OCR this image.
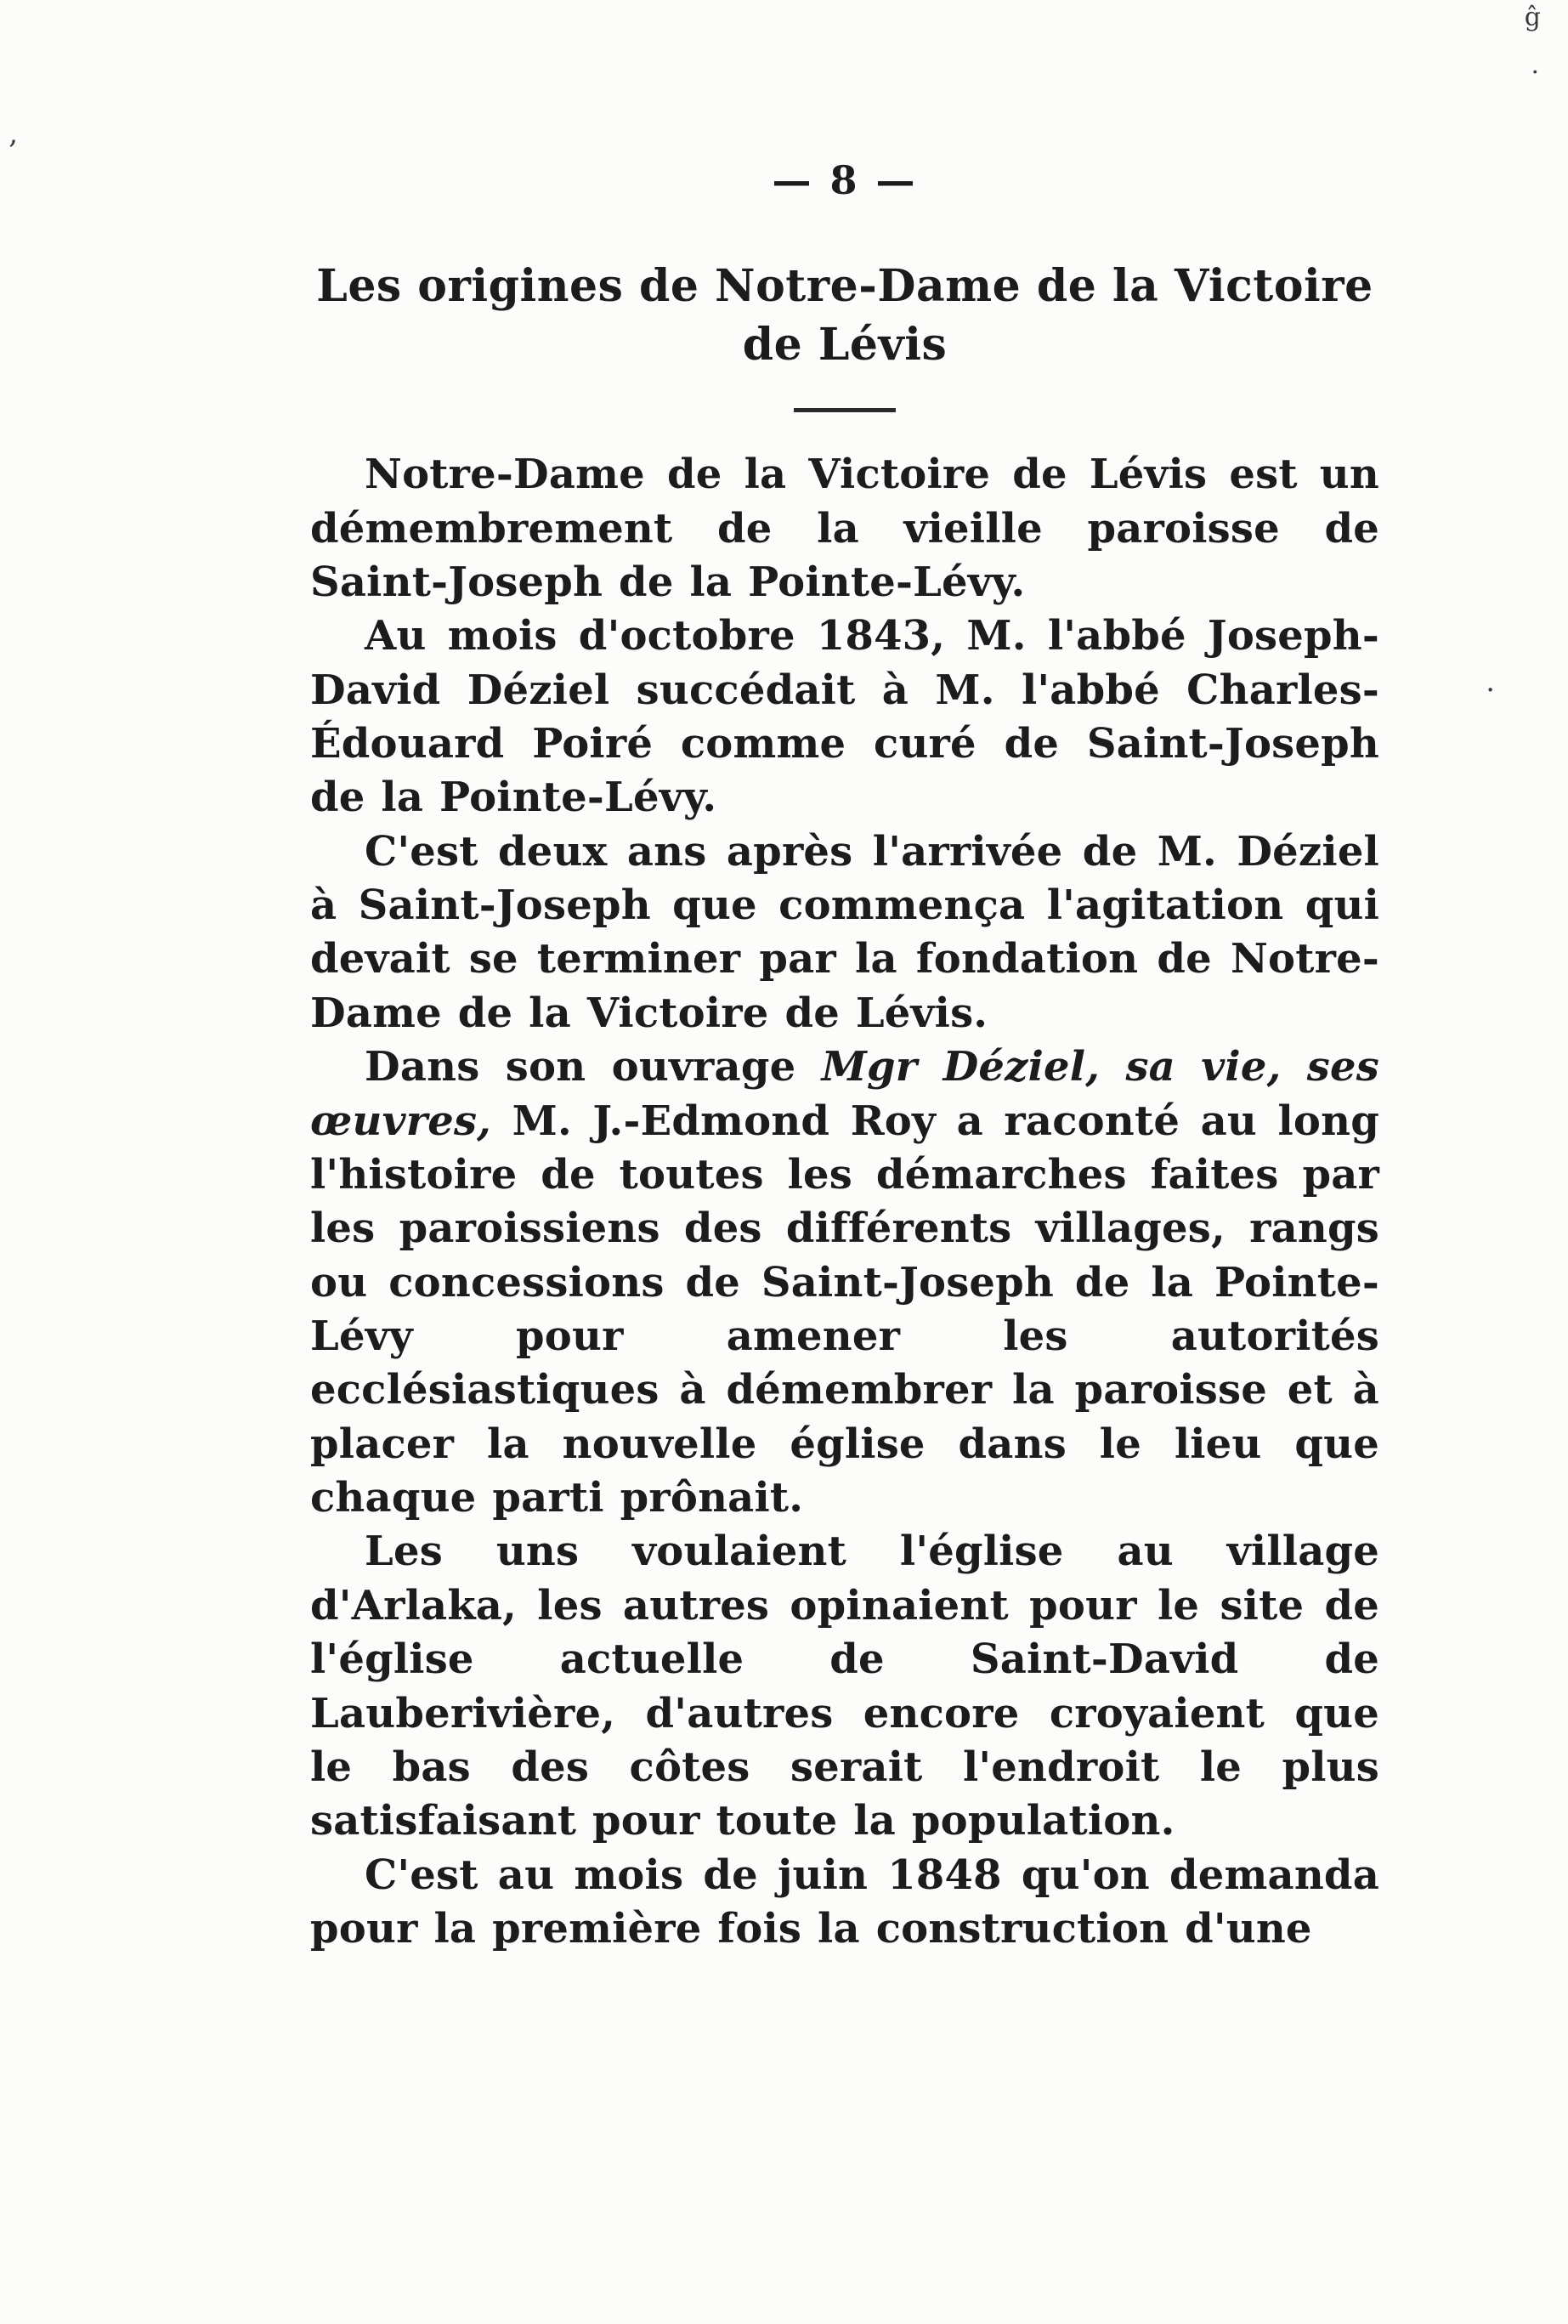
ĝ
.
‚
·
— 8 —
Les origines de Notre-Dame de la Victoire
de Lévis

Notre-Dame de la Victoire de Lévis est un démembrement de la vieille paroisse de Saint-Joseph de la Pointe-Lévy.

Au mois d'octobre 1843, M. l'abbé Joseph-David Déziel succédait à M. l'abbé Charles-Édouard Poiré comme curé de Saint-Joseph de la Pointe-Lévy.

C'est deux ans après l'arrivée de M. Déziel à Saint-Joseph que commença l'agitation qui devait se terminer par la fondation de Notre-Dame de la Victoire de Lévis.

Dans son ouvrage Mgr Déziel, sa vie, ses œuvres, M. J.-Edmond Roy a raconté au long l'histoire de toutes les démarches faites par les paroissiens des différents villages, rangs ou concessions de Saint-Joseph de la Pointe-Lévy pour amener les autorités ecclésiastiques à démembrer la paroisse et à placer la nouvelle église dans le lieu que chaque parti prônait.

Les uns voulaient l'église au village d'Arlaka, les autres opinaient pour le site de l'église actuelle de Saint-David de Lauberivière, d'autres encore croyaient que le bas des côtes serait l'endroit le plus satisfaisant pour toute la population.

C'est au mois de juin 1848 qu'on demanda pour la première fois la construction d'une
